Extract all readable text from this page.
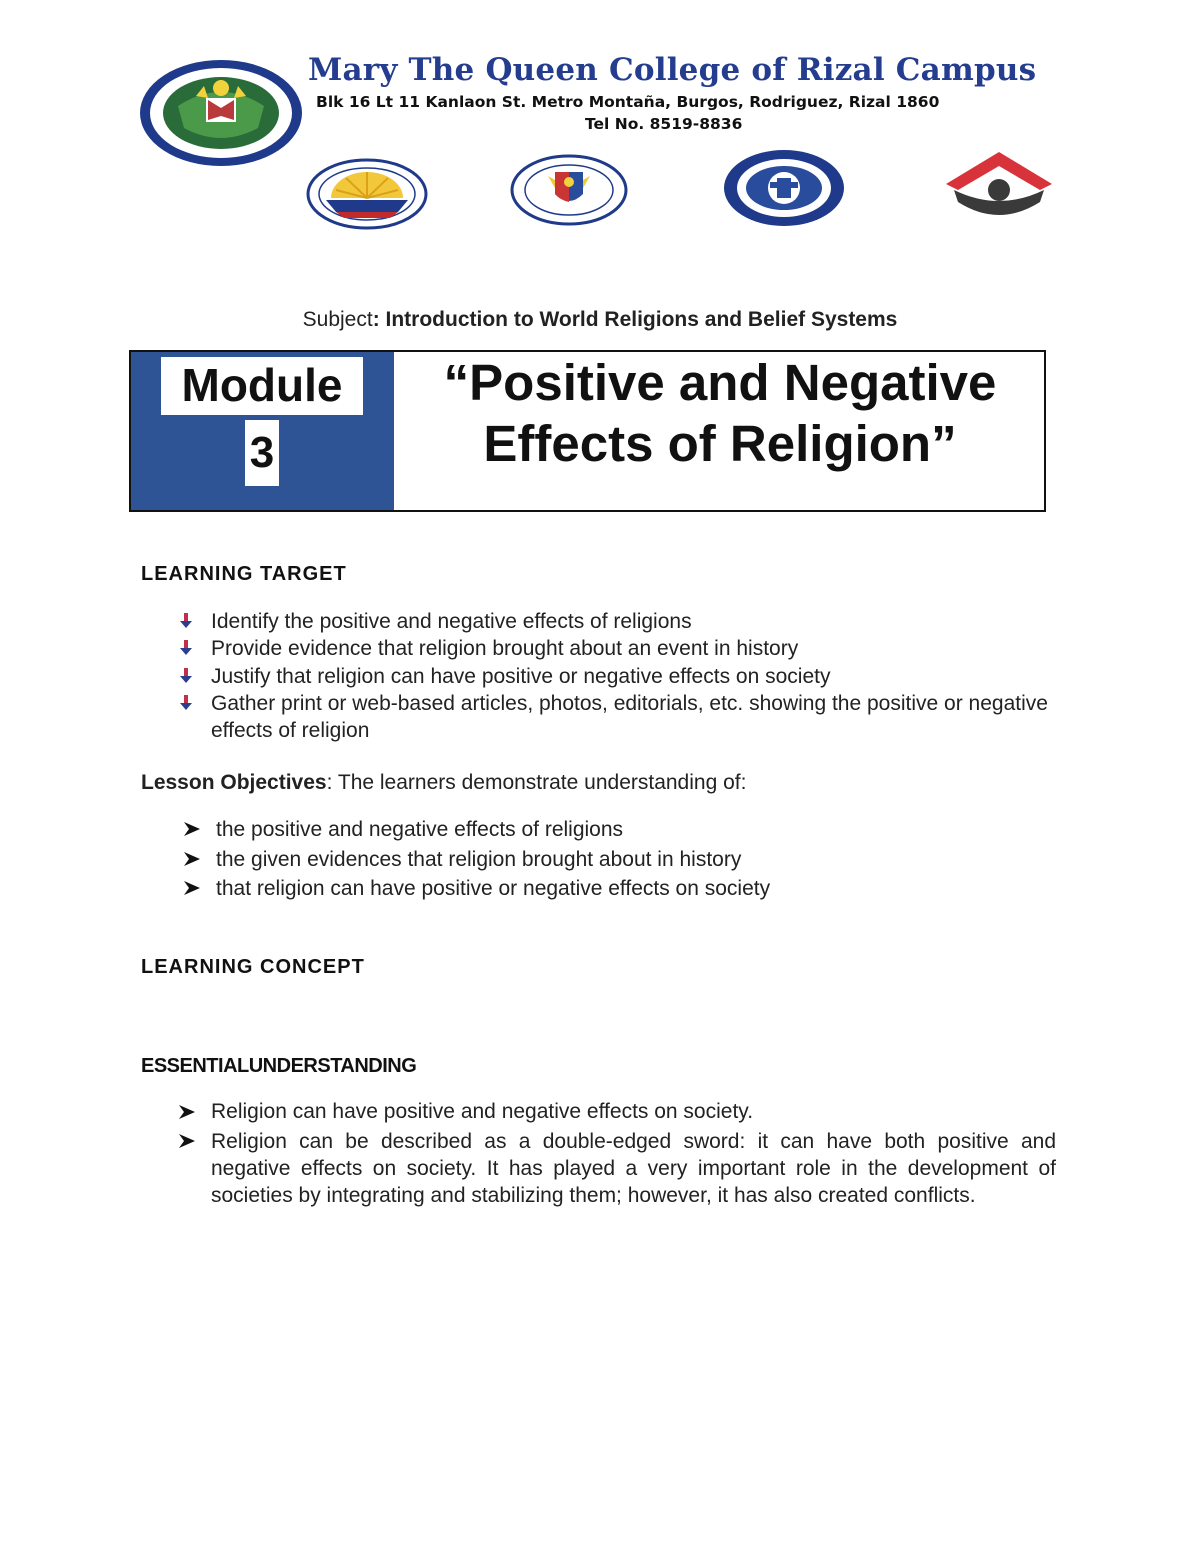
Mary The Queen College of Rizal Campus
Blk 16 Lt 11 Kanlaon St. Metro Montaña, Burgos, Rodriguez, Rizal 1860
Tel No. 8519-8836
Subject: Introduction to World Religions and Belief Systems
Module
3
“Positive and Negative
Effects of Religion”
LEARNING TARGET
Identify the positive and negative effects of religions
Provide evidence that religion brought about an event in history
Justify that religion can have positive or negative effects on society
Gather print or web-based articles, photos, editorials, etc. showing the positive or negative effects of religion
Lesson Objectives: The learners demonstrate understanding of:
the positive and negative effects of religions
the given evidences that religion brought about in history
that religion can have positive or negative effects on society
LEARNING CONCEPT
ESSENTIALUNDERSTANDING
Religion can have positive and negative effects on society.
Religion can be described as a double-edged sword: it can have both positive and negative effects on society. It has played a very important role in the development of societies by integrating and stabilizing them; however, it has also created conflicts.
